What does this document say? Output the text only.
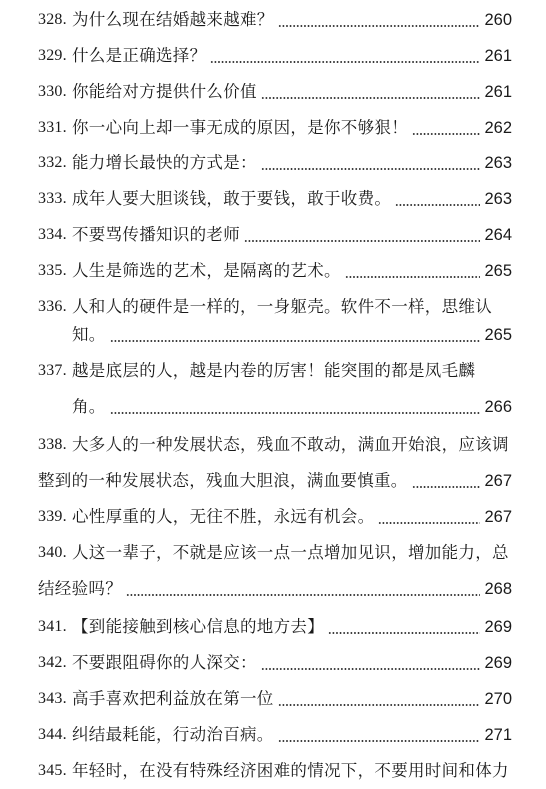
328. 为什么现在结婚越来越难？	260
329. 什么是正确选择？	261
330. 你能给对方提供什么价值	261
331. 你一心向上却一事无成的原因，是你不够狠！	262
332. 能力增长最快的方式是：	263
333. 成年人要大胆谈钱，敢于要钱，敢于收费。	263
334. 不要骂传播知识的老师	264
335. 人生是筛选的艺术，是隔离的艺术。	265
336. 人和人的硬件是一样的，一身躯壳。软件不一样，思维认
知。	265
337. 越是底层的人，越是内卷的厉害！能突围的都是凤毛麟
角。	266
338. 大多人的一种发展状态，残血不敢动，满血开始浪，应该调
整到的一种发展状态，残血大胆浪，满血要慎重。	267
339. 心性厚重的人，无往不胜，永远有机会。	267
340. 人这一辈子，不就是应该一点一点增加见识，增加能力，总
结经验吗？	268
341. 【到能接触到核心信息的地方去】	269
342. 不要跟阻碍你的人深交：	269
343. 高手喜欢把利益放在第一位	270
344. 纠结最耗能，行动治百病。	271
345. 年轻时，在没有特殊经济困难的情况下，不要用时间和体力
